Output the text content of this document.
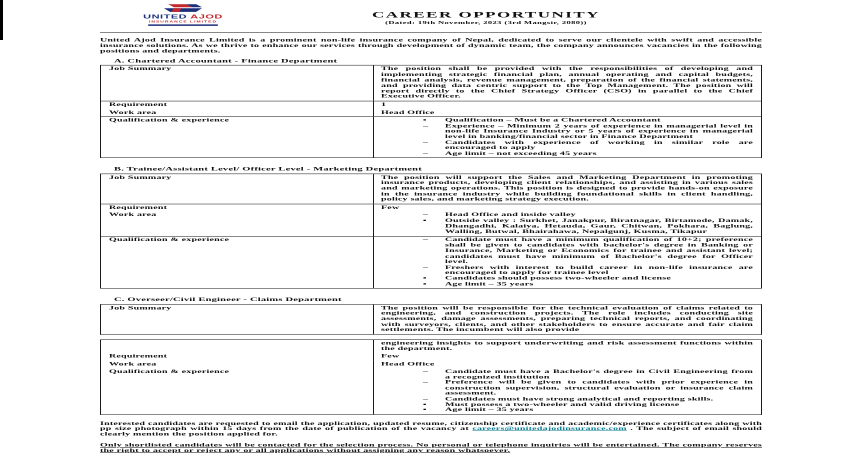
UNITED AJOD
INSURANCE LIMITED
CAREER OPPORTUNITY
(Dated: 19th November, 2023 (3rd Mangsir, 2080))

United Ajod Insurance Limited is a prominent non-life insurance company of Nepal, dedicated to serve our clientele with swift and accessible insurance solutions. As we thrive to enhance our services through development of dynamic team, the company announces vacancies in the following positions and departments.

A. Chartered Accountant - Finance Department
Job Summary	The position shall be provided with the responsibilities of developing and implementing strategic financial plan, annual operating and capital budgets, financial analysis, revenue management, preparation of the financial statements, and providing data centric support to the Top Management. The position will report directly to the Chief Strategy Officer (CSO) in parallel to the Chief Executive Officer.
Requirement	1
Work area	Head Office
Qualification & experience	▪	Qualification – Must be a Chartered Accountant
–	Experience – Minimum 2 years of experience in managerial level in non-life Insurance Industry or 5 years of experience in managerial level in banking/financial sector in Finance Department
–	Candidates with experience of working in similar role are encouraged to apply
–	Age limit – not exceeding 45 years
B. Trainee/Assistant Level/ Officer Level - Marketing Department
Job Summary	The position will support the Sales and Marketing Department in promoting insurance products, developing client relationships, and assisting in various sales and marketing operations. This position is designed to provide hands-on exposure in the insurance industry while building foundational skills in client handling, policy sales, and marketing strategy execution.
Requirement	Few
Work area	–	Head Office and inside valley
▪	Outside valley : Surkhet, Janakpur, Biratnagar, Birtamode, Damak, Dhangadhi, Kalaiya, Hetauda, Gaur, Chitwan, Pokhara, Baglung, Walling, Butwal, Bhairahawa, Nepalgunj, Kusma, Tikapur
Qualification & experience	–	Candidate must have a minimum qualification of 10+2; preference shall be given to candidates with bachelor's degree in Banking or Insurance, Marketing or Economics for trainee and assistant level; candidates must have minimum of Bachelor's degree for Officer level.
–	Freshers with interest to build career in non-life insurance are encouraged to apply for trainee level
▪	Candidates should possess two-wheeler and license
▪	Age limit – 35 years
C. Overseer/Civil Engineer - Claims Department
Job Summary	The position will be responsible for the technical evaluation of claims related to engineering, and construction projects. The role includes conducting site assessments, damage assessments, preparing technical reports, and coordinating with surveyors, clients, and other stakeholders to ensure accurate and fair claim settlements. The incumbent will also provide
engineering insights to support underwriting and risk assessment functions within the department.
Requirement	Few
Work area	Head Office
Qualification & experience	–	Candidate must have a Bachelor's degree in Civil Engineering from a recognized institution
–	Preference will be given to candidates with prior experience in construction supervision, structural evaluation or insurance claim assessment.
–	Candidates must have strong analytical and reporting skills.
▪	Must possess a two-wheeler and valid driving license
▪	Age limit – 35 years

Interested candidates are requested to email the application, updated resume, citizenship certificate and academic/experience certificates along with pp size photograph within 15 days from the date of publication of the vacancy at careers@unitedajodinsurance.com . The subject of email should clearly mention the position applied for.

Only shortlisted candidates will be contacted for the selection process. No personal or telephone inquiries will be entertained. The company reserves the right to accept or reject any or all applications without assigning any reason whatsoever.
